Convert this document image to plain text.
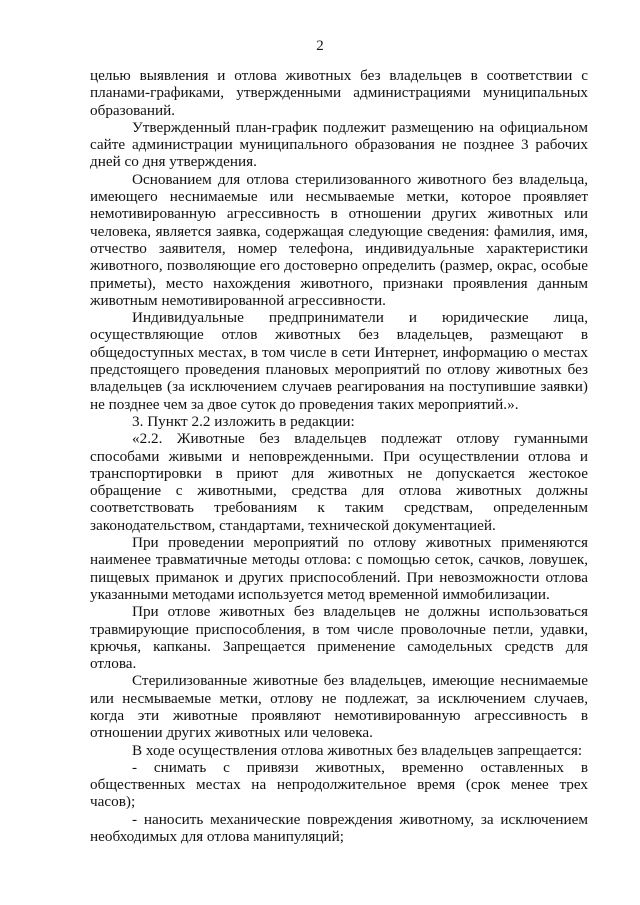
2

целью выявления и отлова животных без владельцев в соответствии с планами-графиками, утвержденными администрациями муниципальных образований.

Утвержденный план-график подлежит размещению на официальном сайте администрации муниципального образования не позднее 3 рабочих дней со дня утверждения.

Основанием для отлова стерилизованного животного без владельца, имеющего неснимаемые или несмываемые метки, которое проявляет немотивированную агрессивность в отношении других животных или человека, является заявка, содержащая следующие сведения: фамилия, имя, отчество заявителя, номер телефона, индивидуальные характеристики животного, позволяющие его достоверно определить (размер, окрас, особые приметы), место нахождения животного, признаки проявления данным животным немотивированной агрессивности.

Индивидуальные предприниматели и юридические лица, осуществляющие отлов животных без владельцев, размещают в общедоступных местах, в том числе в сети Интернет, информацию о местах предстоящего проведения плановых мероприятий по отлову животных без владельцев (за исключением случаев реагирования на поступившие заявки) не позднее чем за двое суток до проведения таких мероприятий.».

3. Пункт 2.2 изложить в редакции:

«2.2. Животные без владельцев подлежат отлову гуманными способами живыми и неповрежденными. При осуществлении отлова и транспортировки в приют для животных не допускается жестокое обращение с животными, средства для отлова животных должны соответствовать требованиям к таким средствам, определенным законодательством, стандартами, технической документацией.

При проведении мероприятий по отлову животных применяются наименее травматичные методы отлова: с помощью сеток, сачков, ловушек, пищевых приманок и других приспособлений. При невозможности отлова указанными методами используется метод временной иммобилизации.

При отлове животных без владельцев не должны использоваться травмирующие приспособления, в том числе проволочные петли, удавки, крючья, капканы. Запрещается применение самодельных средств для отлова.

Стерилизованные животные без владельцев, имеющие неснимаемые или несмываемые метки, отлову не подлежат, за исключением случаев, когда эти животные проявляют немотивированную агрессивность в отношении других животных или человека.

В ходе осуществления отлова животных без владельцев запрещается:

- снимать с привязи животных, временно оставленных в общественных местах на непродолжительное время (срок менее трех часов);

- наносить механические повреждения животному, за исключением необходимых для отлова манипуляций;
